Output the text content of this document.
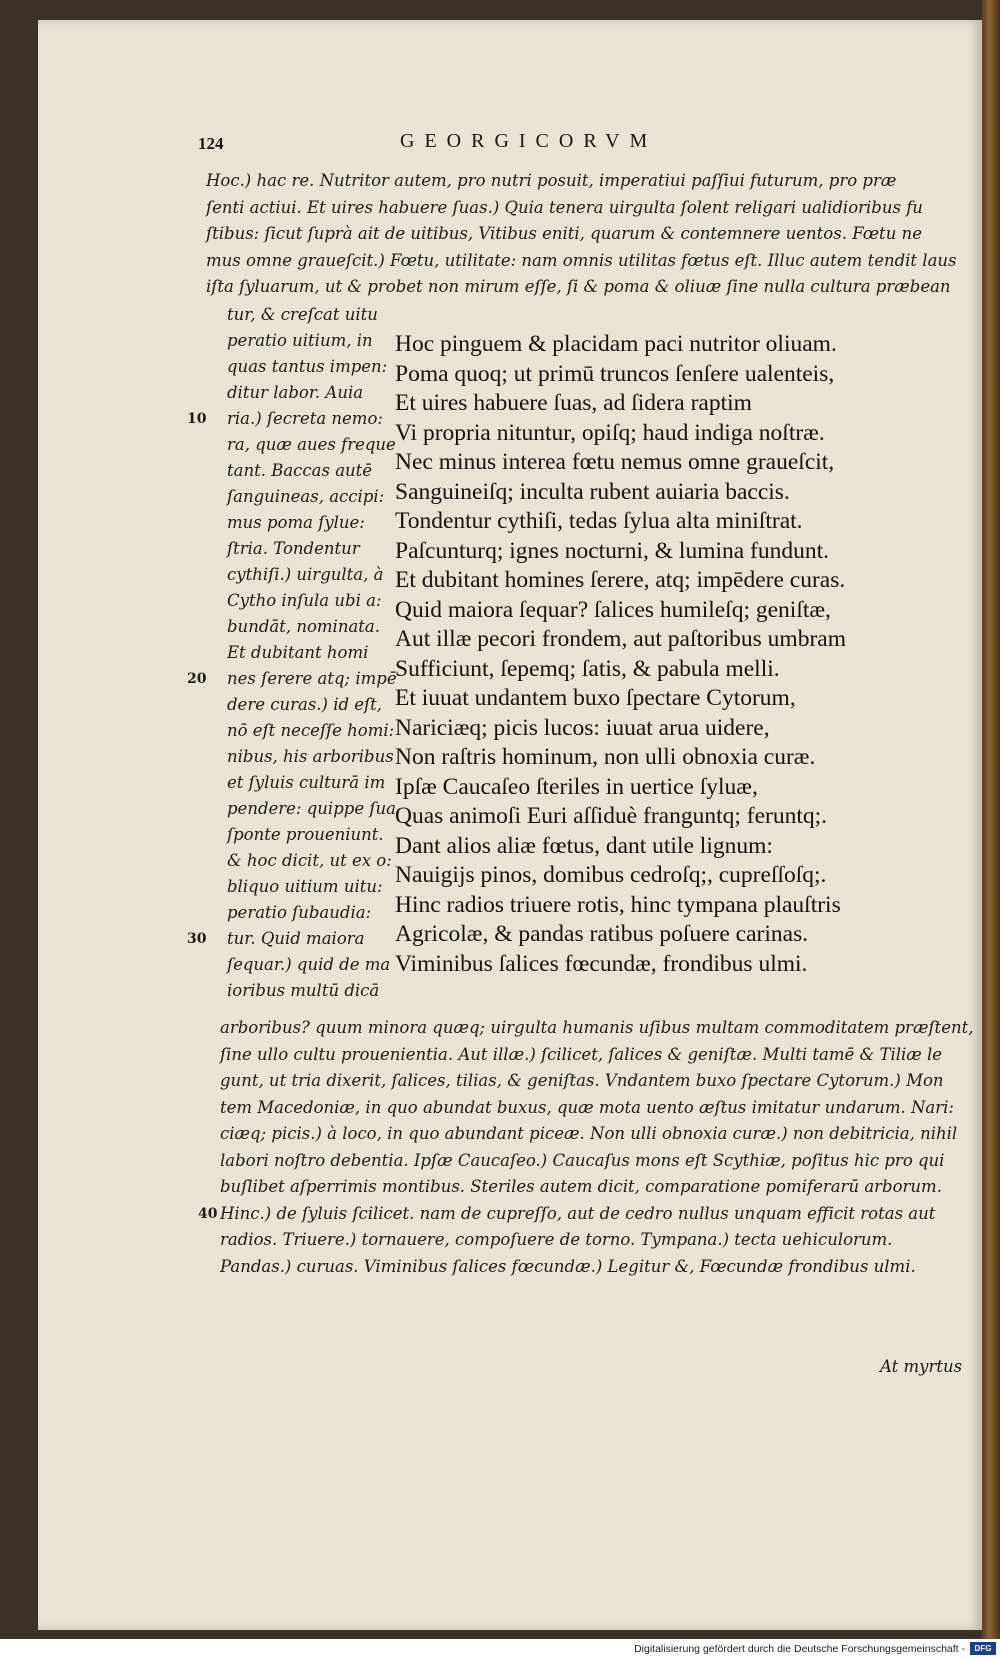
124	GEORGICORVM
Hoc.) hac re. Nutritor autem, pro nutri posuit, imperatiui paſſiui futurum, pro præ
ſenti actiui. Et uires habuere ſuas.) Quia tenera uirgulta ſolent religari ualidioribus fu
ſtibus: ſicut ſuprà ait de uitibus, Vitibus eniti, quarum & contemnere uentos. Fœtu ne
mus omne graueſcit.) Fœtu, utilitate: nam omnis utilitas fœtus eſt. Illuc autem tendit laus
iſta ſyluarum, ut & probet non mirum eſſe, ſi & poma & oliuæ ſine nulla cultura præbean
tur, & creſcat uitu
peratio uitium, in
quas tantus impen:
ditur labor. Auia
10 ria.) ſecreta nemo:
ra, quæ aues freque
tant. Baccas autē
ſanguineas, accipi:
mus poma ſylue:
ſtria. Tondentur
cythiſi.) uirgulta, à
Cytho inſula ubi a:
bundāt, nominata.
Et dubitant homi
20 nes ſerere atq; impē
dere curas.) id eſt,
nō eſt neceſſe homi:
nibus, his arboribus
et ſyluis culturā im
pendere: quippe ſua
ſponte proueniunt.
& hoc dicit, ut ex o:
bliquo uitium uitu:
peratio ſubaudia:
30 tur. Quid maiora
ſequar.) quid de ma
ioribus multū dicā
Hoc pinguem & placidam paci nutritor oliuam.
Poma quoq; ut primū truncos ſenſere ualenteis,
Et uires habuere ſuas, ad ſidera raptim
Vi propria nituntur, opiſq; haud indiga noſtræ.
Nec minus interea fœtu nemus omne graueſcit,
Sanguineiſq; inculta rubent auiaria baccis.
Tondentur cythiſi, tedas ſylua alta miniſtrat.
Paſcunturq; ignes nocturni, & lumina fundunt.
Et dubitant homines ſerere, atq; impēdere curas.
Quid maiora ſequar? ſalices humileſq; geniſtæ,
Aut illæ pecori frondem, aut paſtoribus umbram
Sufficiunt, ſepemq; ſatis, & pabula melli.
Et iuuat undantem buxo ſpectare Cytorum,
Nariciæq; picis lucos: iuuat arua uidere,
Non raſtris hominum, non ulli obnoxia curæ.
Ipſæ Caucaſeo ſteriles in uertice ſyluæ,
Quas animoſi Euri aſſiduè franguntq; feruntq;.
Dant alios aliæ fœtus, dant utile lignum:
Nauigijs pinos, domibus cedroſq;, cupreſſoſq;.
Hinc radios triuere rotis, hinc tympana plauſtris
Agricolæ, & pandas ratibus poſuere carinas.
Viminibus ſalices fœcundæ, frondibus ulmi.
arboribus? quum minora quæq; uirgulta humanis uſibus multam commoditatem præſtent,
ſine ullo cultu prouenientia. Aut illæ.) ſcilicet, ſalices & geniſtæ. Multi tamē & Tiliæ le
gunt, ut tria dixerit, ſalices, tilias, & geniſtas. Vndantem buxo ſpectare Cytorum.) Mon
tem Macedoniæ, in quo abundat buxus, quæ mota uento æſtus imitatur undarum. Nari:
ciæq; picis.) à loco, in quo abundant piceæ. Non ulli obnoxia curæ.) non debitricia, nihil
labori noſtro debentia. Ipſæ Caucaſeo.) Caucaſus mons eſt Scythiæ, poſitus hic pro qui
buſlibet aſperrimis montibus. Steriles autem dicit, comparatione pomiferarū arborum.
40 Hinc.) de ſyluis ſcilicet. nam de cupreſſo, aut de cedro nullus unquam efficit rotas aut
radios. Triuere.) tornauere, compoſuere de torno. Tympana.) tecta uehiculorum.
Pandas.) curuas. Viminibus ſalices fœcundæ.) Legitur &, Fœcundæ frondibus ulmi.
At myrtus
Digitalisierung gefördert durch die Deutsche Forschungsgemeinschaft -	DFG
